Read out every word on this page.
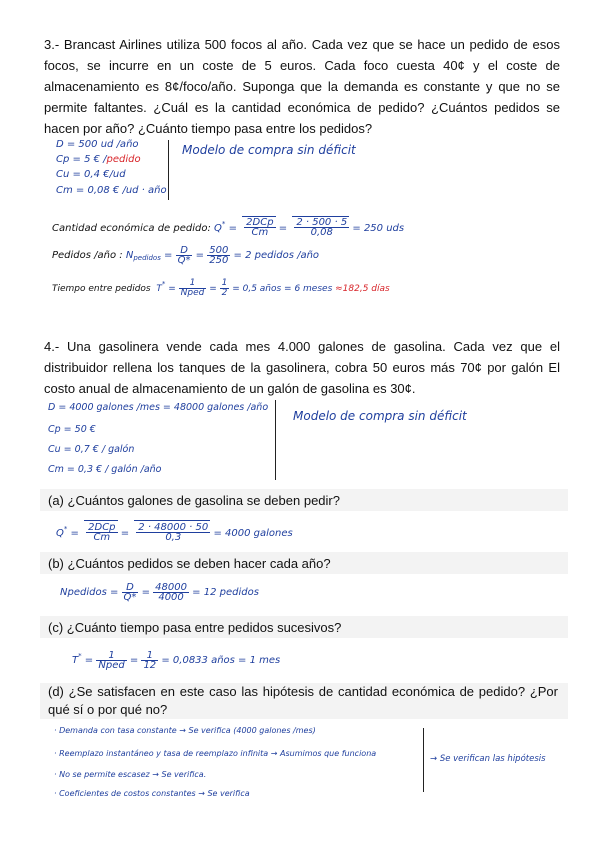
3.- Brancast Airlines utiliza 500 focos al año. Cada vez que se hace un pedido de esos focos, se incurre en un coste de 5 euros. Cada foco cuesta 40¢ y el coste de almacenamiento es 8¢/foco/año. Suponga que la demanda es constante y que no se permite faltantes. ¿Cuál es la cantidad económica de pedido? ¿Cuántos pedidos se hacen por año? ¿Cuánto tiempo pasa entre los pedidos?
D = 500 ud /año
Cp = 5 € /pedido
Cu = 0,4 €/ud
Cm = 0,08 € /ud · año
Modelo de compra sin déficit
Cantidad económica de pedido: $Q^* = \frac{\text{2DCp}}{Cm} = \frac{2 \cdot 500 \cdot 5}{0,08} = 250$ uds
Pedidos /año : $N_{pedidos} = \frac{D}{Q*} = \frac{500}{250} = 2$ pedidos /año
Tiempo entre pedidos  $T^* = \frac{1}{\text{Nped}} = \frac{1}{2} = 0,5$ años = 6 meses ≈182,5 días
4.- Una gasolinera vende cada mes 4.000 galones de gasolina. Cada vez que el distribuidor rellena los tanques de la gasolinera, cobra 50 euros más 70¢ por galón El costo anual de almacenamiento de un galón de gasolina es 30¢.
D = 4000 galones /mes = 48000 galones /año
Cp = 50 €
Cu = 0,7 € / galón
Cm = 0,3 € / galón /año
Modelo de compra sin déficit
(a) ¿Cuántos galones de gasolina se deben pedir?
$Q^* = \frac{\text{2DCp}}{Cm} = \frac{2 \cdot 48000 \cdot 50}{0,3} = 4000$ galones
(b) ¿Cuántos pedidos se deben hacer cada año?
Npedidos = $\frac{D}{Q*} = \frac{48000}{4000} = 12$ pedidos
(c) ¿Cuánto tiempo pasa entre pedidos sucesivos?
$T^* = \frac{1}{\text{Nped}} = \frac{1}{12} = 0,0833$ años = 1 mes
(d) ¿Se satisfacen en este caso las hipótesis de cantidad económica de pedido? ¿Por qué sí o por qué no?
· Demanda con tasa constante → Se verifica (4000 galones /mes)
· Reemplazo instantáneo y tasa de reemplazo infinita → Asumimos que funciona
· No se permite escasez → Se verifica.
· Coeficientes de costos constantes → Se verifica
→ Se verifican las hipótesis
